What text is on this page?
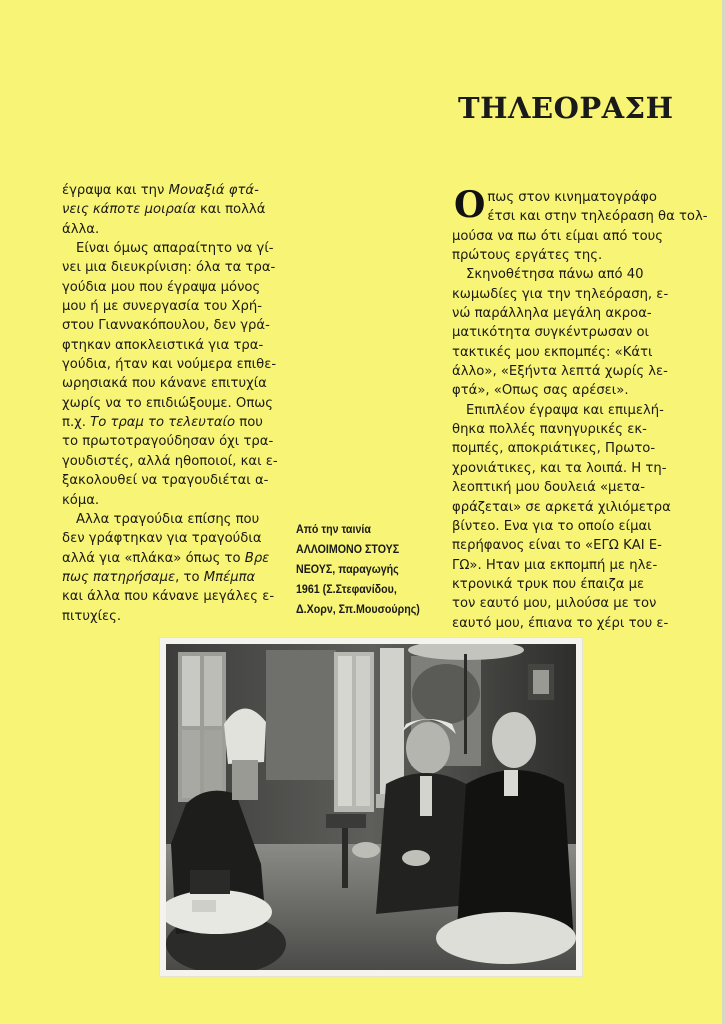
ΤΗΛΕΟΡΑΣΗ

έγραψα και την Μοναξιά φτά-
νεις κάποτε μοιραία και πολλά
άλλα.

Είναι όμως απαραίτητο να γί-
νει μια διευκρίνιση: όλα τα τρα-
γούδια μου που έγραψα μόνος
μου ή με συνεργασία του Χρή-
στου Γιαννακόπουλου, δεν γρά-
φτηκαν αποκλειστικά για τρα-
γούδια, ήταν και νούμερα επιθε-
ωρησιακά που κάνανε επιτυχία
χωρίς να το επιδιώξουμε. Οπως
π.χ. Το τραμ το τελευταίο που
το πρωτοτραγούδησαν όχι τρα-
γουδιστές, αλλά ηθοποιοί, και ε-
ξακολουθεί να τραγουδιέται α-
κόμα.

Αλλα τραγούδια επίσης που
δεν γράφτηκαν για τραγούδια
αλλά για «πλάκα» όπως το Βρε
πως πατηρήσαμε, το Μπέμπα
και άλλα που κάνανε μεγάλες ε-
πιτυχίες.

Από την ταινία
ΑΛΛΟΙΜΟΝΟ ΣΤΟΥΣ
ΝΕΟΥΣ, παραγωγής
1961 (Σ.Στεφανίδου,
Δ.Χορν, Σπ.Μουσούρης)

Ο πως στον κινηματογράφο
έτσι και στην τηλεόραση θα τολ-
μούσα να πω ότι είμαι από τους
πρώτους εργάτες της.

Σκηνοθέτησα πάνω από 40
κωμωδίες για την τηλεόραση, ε-
νώ παράλληλα μεγάλη ακροα-
ματικότητα συγκέντρωσαν οι
τακτικές μου εκπομπές: «Κάτι
άλλο», «Εξήντα λεπτά χωρίς λε-
φτά», «Οπως σας αρέσει».

Επιπλέον έγραψα και επιμελή-
θηκα πολλές πανηγυρικές εκ-
πομπές, αποκριάτικες, Πρωτο-
χρονιάτικες, και τα λοιπά. Η τη-
λεοπτική μου δουλειά «μετα-
φράζεται» σε αρκετά χιλιόμετρα
βίντεο. Ενα για το οποίο είμαι
περήφανος είναι το «ΕΓΩ ΚΑΙ Ε-
ΓΩ». Ηταν μια εκπομπή με ηλε-
κτρονικά τρυκ που έπαιζα με
τον εαυτό μου, μιλούσα με τον
εαυτό μου, έπιανα το χέρι του ε-
